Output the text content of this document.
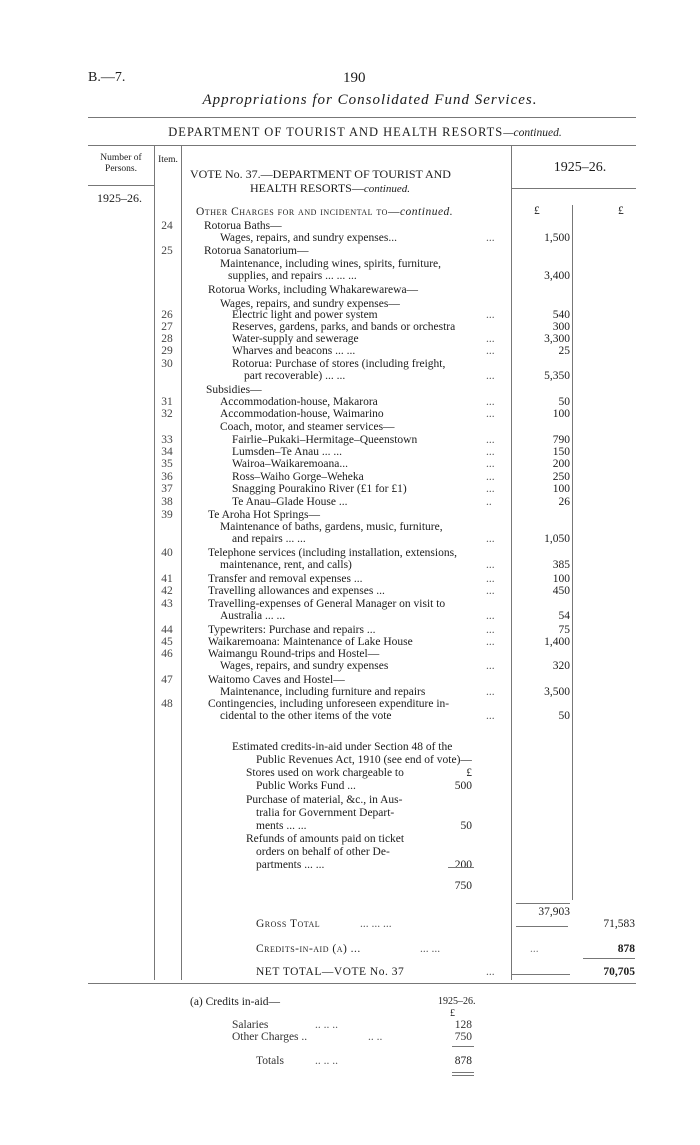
B.—7.	190
Appropriations for Consolidated Fund Services.
DEPARTMENT OF TOURIST AND HEALTH RESORTS—continued.
Number of Persons.
Item.
VOTE No. 37.—DEPARTMENT OF TOURIST AND
HEALTH RESORTS—continued.
1925–26.
1925–26.
£	£
Other Charges for and incidental to—continued.
24	Rotorua Baths—
Wages, repairs, and sundry expenses...	...	1,500
25	Rotorua Sanatorium—
Maintenance, including wines, spirits, furniture,
supplies, and repairs ... ... ...	3,400
Rotorua Works, including Whakarewarewa—
Wages, repairs, and sundry expenses—
26	Electric light and power system	...	540
27	Reserves, gardens, parks, and bands or orchestra	300
28	Water-supply and sewerage	...	3,300
29	Wharves and beacons ... ...	...	25
30	Rotorua: Purchase of stores (including freight,
part recoverable) ... ...	...	5,350
Subsidies—
31	Accommodation-house, Makarora	...	50
32	Accommodation-house, Waimarino	...	100
Coach, motor, and steamer services—
33	Fairlie–Pukaki–Hermitage–Queenstown	...	790
34	Lumsden–Te Anau ... ...	...	150
35	Wairoa–Waikaremoana...	...	200
36	Ross–Waiho Gorge–Weheka	...	250
37	Snagging Pourakino River (£1 for £1)	...	100
38	Te Anau–Glade House ...	..	26
39	Te Aroha Hot Springs—
Maintenance of baths, gardens, music, furniture,
and repairs ... ...	...	1,050
40	Telephone services (including installation, extensions,
maintenance, rent, and calls)	...	385
41	Transfer and removal expenses ...	...	100
42	Travelling allowances and expenses ...	...	450
43	Travelling-expenses of General Manager on visit to
Australia ... ...	...	54
44	Typewriters: Purchase and repairs ...	...	75
45	Waikaremoana: Maintenance of Lake House	...	1,400
46	Waimangu Round-trips and Hostel—
Wages, repairs, and sundry expenses	...	320
47	Waitomo Caves and Hostel—
Maintenance, including furniture and repairs	...	3,500
48	Contingencies, including unforeseen expenditure in-
cidental to the other items of the vote	...	50
Estimated credits-in-aid under Section 48 of the
Public Revenues Act, 1910 (see end of vote)—
Stores used on work chargeable to	£
Public Works Fund ...	500
Purchase of material, &c., in Aus-
tralia for Government Depart-
ments ... ...	50
Refunds of amounts paid on ticket
orders on behalf of other De-
partments ... ...	200
750
37,903
Gross Total	... ... ...	71,583
Credits-in-aid (a) ...	... ...	...	878
NET TOTAL—VOTE No. 37	...	70,705
(a) Credits in-aid—	1925–26.
£
Salaries	.. .. ..	128
Other Charges ..	.. ..	750
Totals	.. .. ..	878
